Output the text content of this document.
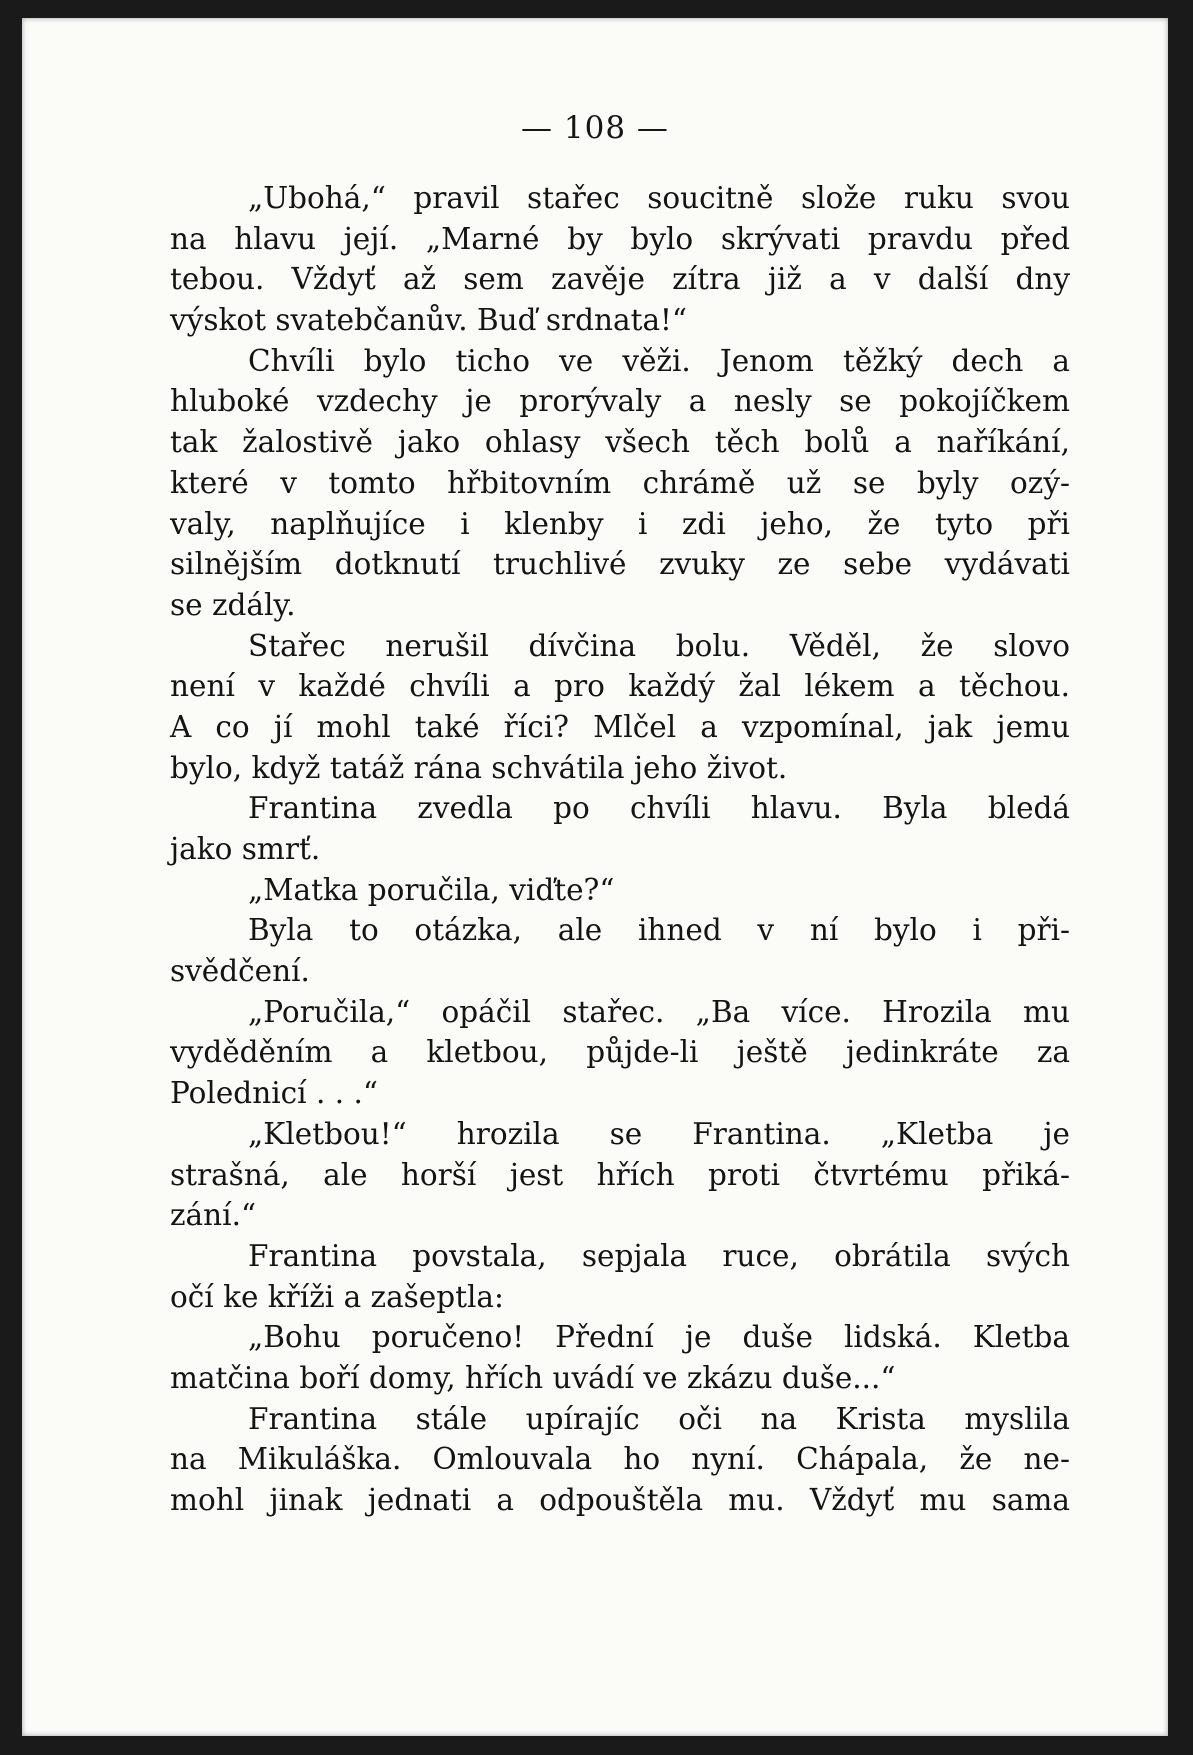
— 108 —
„Ubohá,“ pravil stařec soucitně slože ruku svou
na hlavu její. „Marné by bylo skrývati pravdu před
tebou. Vždyť až sem zavěje zítra již a v další dny
výskot svatebčanův. Buď srdnata!“
Chvíli bylo ticho ve věži. Jenom těžký dech a
hluboké vzdechy je prorývaly a nesly se pokojíčkem
tak žalostivě jako ohlasy všech těch bolů a naříkání,
které v tomto hřbitovním chrámě už se byly ozý-
valy, naplňujíce i klenby i zdi jeho, že tyto při
silnějším dotknutí truchlivé zvuky ze sebe vydávati
se zdály.
Stařec nerušil dívčina bolu. Věděl, že slovo
není v každé chvíli a pro každý žal lékem a těchou.
A co jí mohl také říci? Mlčel a vzpomínal, jak jemu
bylo, když tatáž rána schvátila jeho život.
Frantina zvedla po chvíli hlavu. Byla bledá
jako smrť.
„Matka poručila, viďte?“
Byla to otázka, ale ihned v ní bylo i při-
svědčení.
„Poručila,“ opáčil stařec. „Ba více. Hrozila mu
vyděděním a kletbou, půjde-li ještě jedinkráte za
Polednicí . . .“
„Kletbou!“ hrozila se Frantina. „Kletba je
strašná, ale horší jest hřích proti čtvrtému přiká-
zání.“
Frantina povstala, sepjala ruce, obrátila svých
očí ke kříži a zašeptla:
„Bohu poručeno! Přední je duše lidská. Kletba
matčina boří domy, hřích uvádí ve zkázu duše...“
Frantina stále upírajíc oči na Krista myslila
na Mikuláška. Omlouvala ho nyní. Chápala, že ne-
mohl jinak jednati a odpouštěla mu. Vždyť mu sama
